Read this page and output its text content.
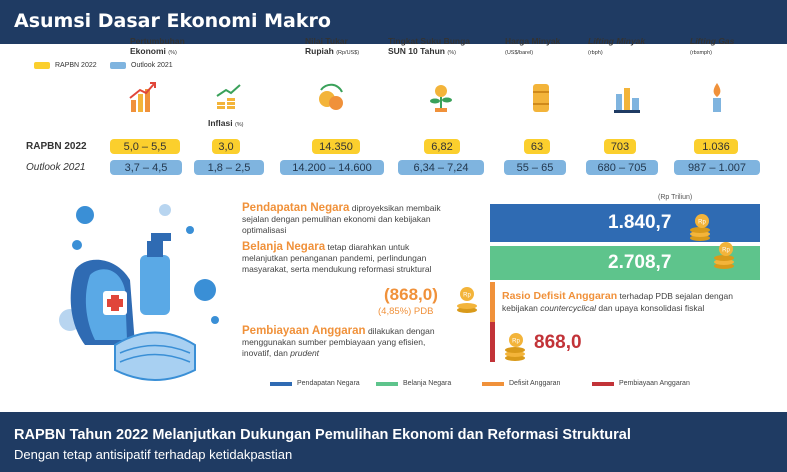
Asumsi Dasar Ekonomi Makro
RAPBN 2022	Outlook 2021
RAPBN 2022
Outlook 2021
Pertumbuhan
Ekonomi (%)
Inflasi (%)
Nilai Tukar
Rupiah (Rp/US$)
Tingkat Suku Bunga
SUN 10 Tahun (%)
Harga Minyak
(US$/barel)
Lifting Minyak
(rbph)
Lifting Gas
(rbsmph)
5,0 – 5,5	3,0	14.350	6,82	63	703	1.036
3,7 – 4,5	1,8 – 2,5	14.200 – 14.600	6,34 – 7,24	55 – 65	680 – 705	987 – 1.007
Pendapatan Negara diproyeksikan membaik
sejalan dengan pemulihan ekonomi dan kebijakan
optimalisasi
Belanja Negara tetap diarahkan untuk
melanjutkan penanganan pandemi, perlindungan
masyarakat, serta mendukung reformasi struktural
Pembiayaan Anggaran dilakukan dengan
menggunakan sumber pembiayaan yang efisien,
inovatif, dan prudent
(Rp Triliun)
1.840,7
2.708,7
Rp
Rp
Rp
Rp
(868,0)
(4,85%) PDB
Rasio Defisit Anggaran terhadap PDB sejalan dengan
kebijakan countercyclical dan upaya konsolidasi fiskal
868,0
Pendapatan Negara	Belanja Negara	Defisit Anggaran	Pembiayaan Anggaran
RAPBN Tahun 2022 Melanjutkan Dukungan Pemulihan Ekonomi dan Reformasi Struktural
Dengan tetap antisipatif terhadap ketidakpastian
